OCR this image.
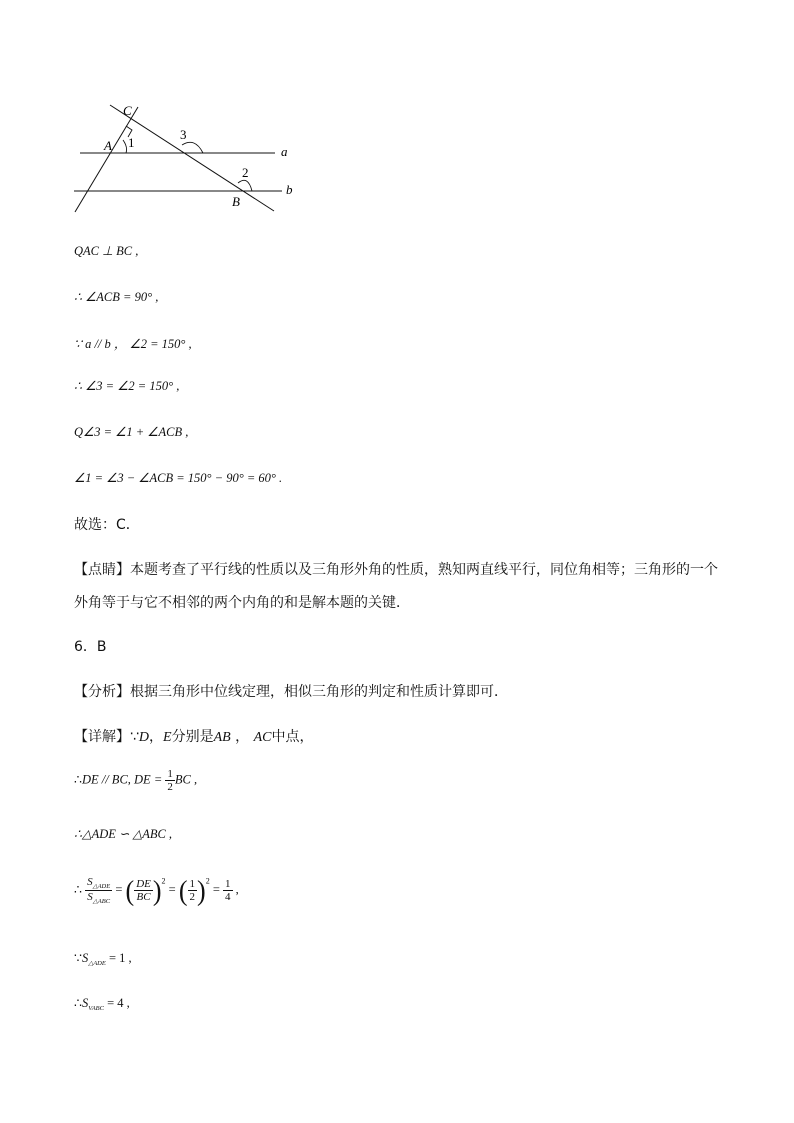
C
A 1
3
2
B
a
b
QAC ⊥ BC ,
∴ ∠ACB = 90° ,
∵ a // b ， ∠2 = 150° ,
∴ ∠3 = ∠2 = 150° ,
Q∠3 = ∠1 + ∠ACB ,
∠1 = ∠3 − ∠ACB = 150° − 90° = 60° .
故选：C．
【点睛】本题考查了平行线的性质以及三角形外角的性质，熟知两直线平行，同位角相等；三角形的一个
外角等于与它不相邻的两个内角的和是解本题的关键．
6．B
【分析】根据三角形中位线定理，相似三角形的判定和性质计算即可．
【详解】∵D，E分别是AB ， AC中点，
∴DE // BC, DE = $\frac{1}{2}$ BC ,
∴△ADE ∽ △ABC ,
∴ $\frac{S_{\triangle ADE}}{S_{\triangle ABC}}$ = ( $\frac{DE}{BC} )^2$ = ( $\frac{1}{2} )^2 = \frac{1}{4}$ ,
$\because S_{\triangle ADE} = 1$ ,
$\therefore S_{VABC} = 4$ ,
